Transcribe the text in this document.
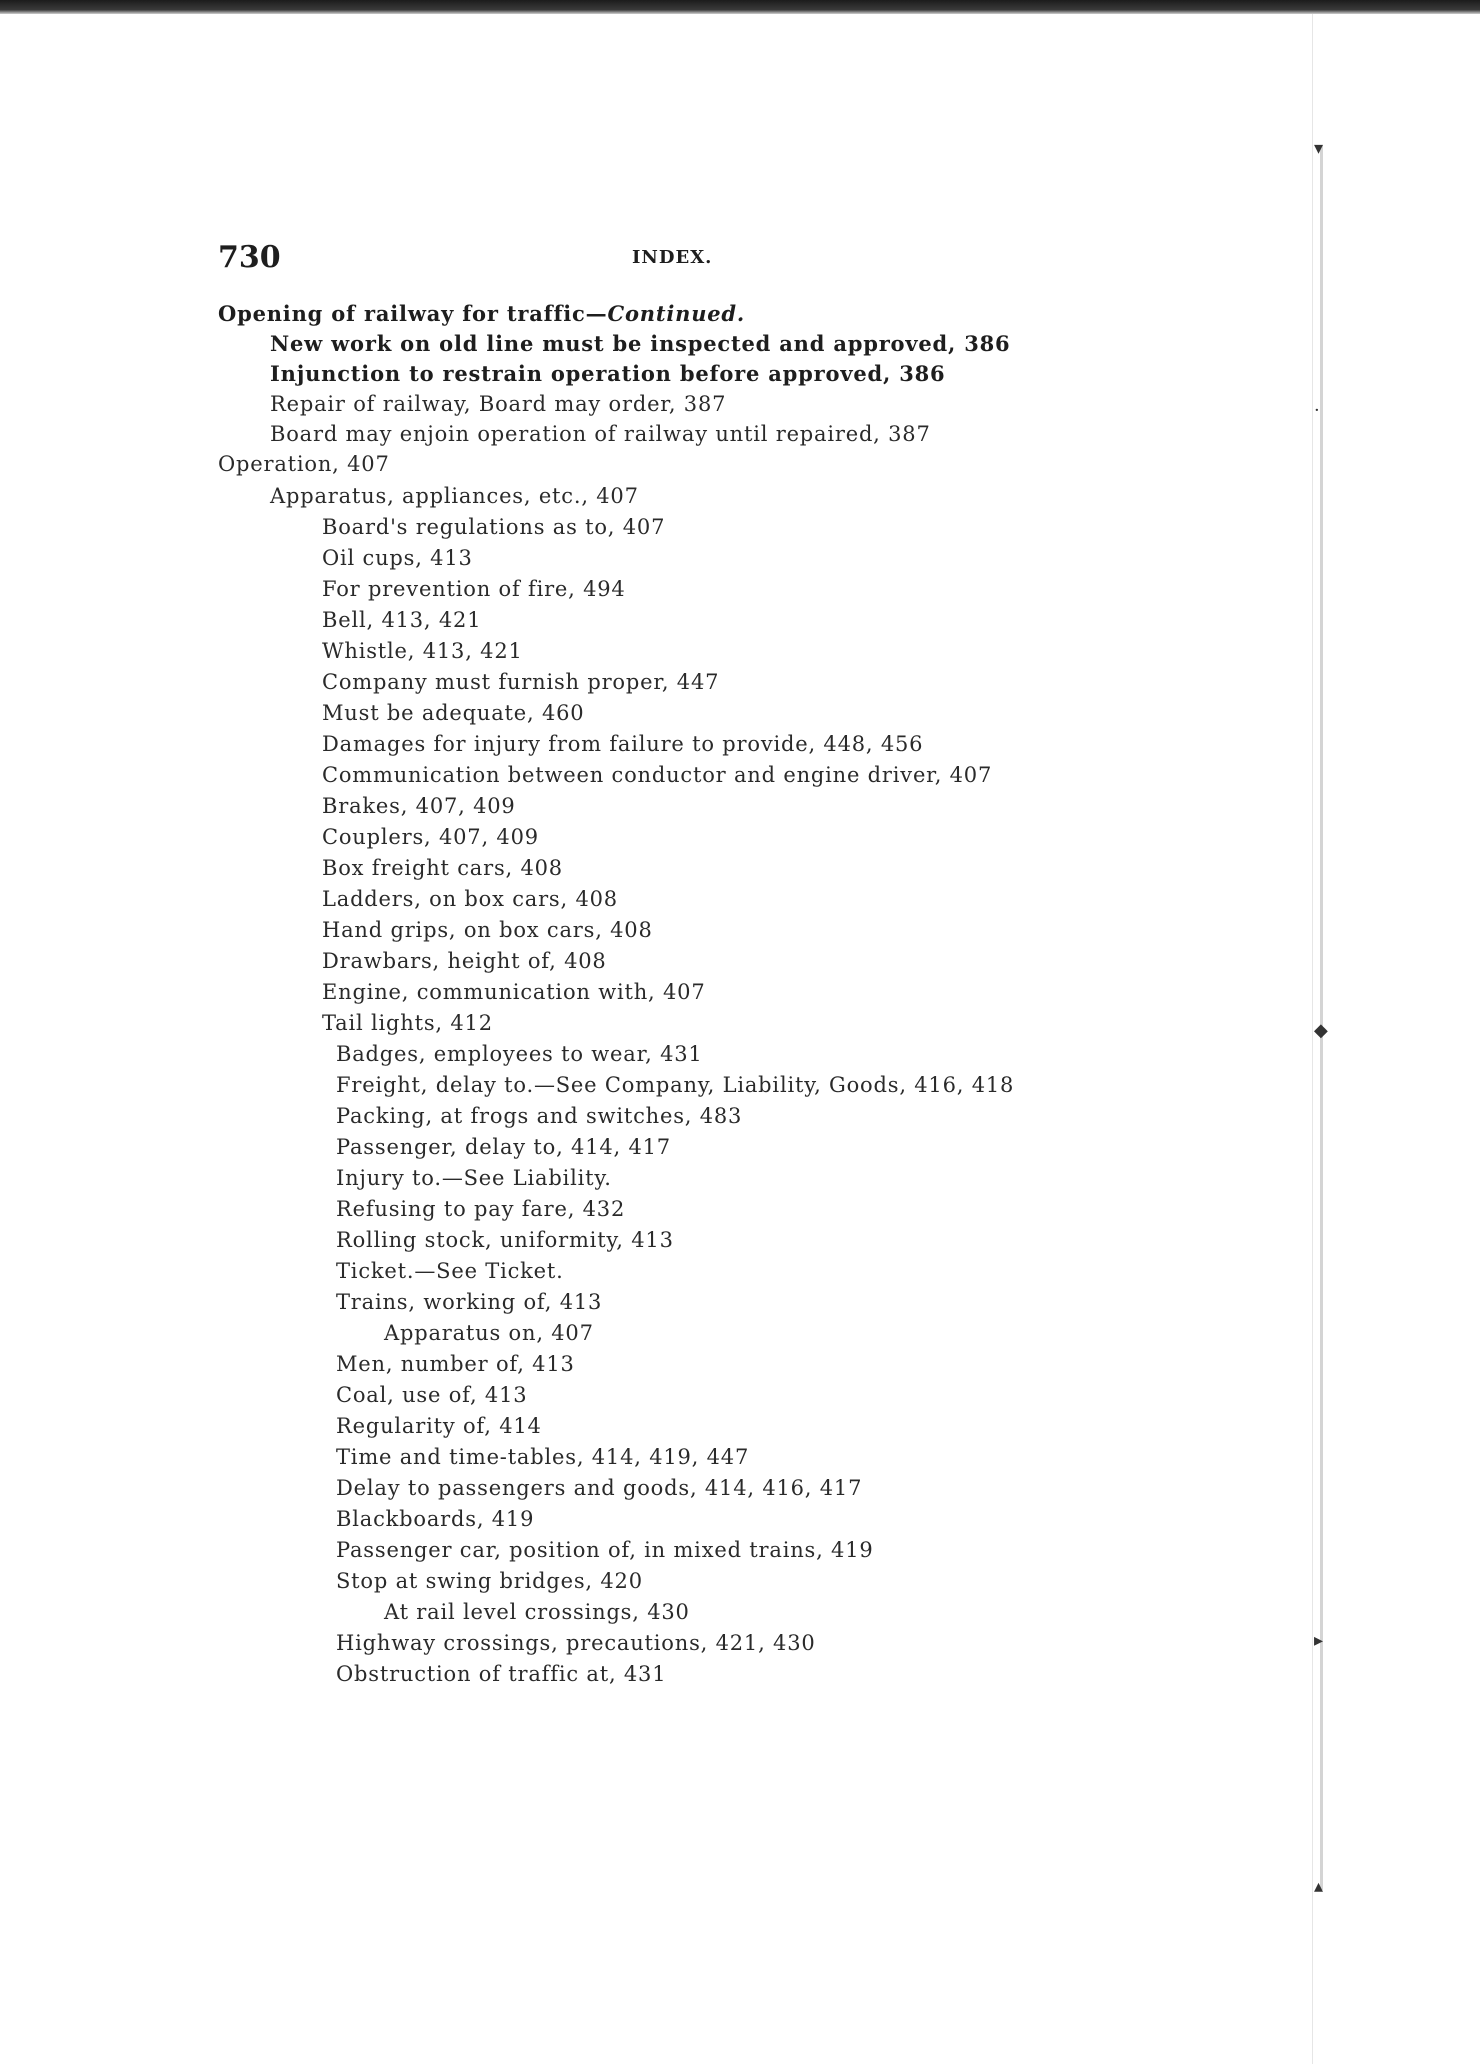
▾
·
◆
▸
▴
730	INDEX.
Opening of railway for traffic—Continued.
New work on old line must be inspected and approved, 386
Injunction to restrain operation before approved, 386
Repair of railway, Board may order, 387
Board may enjoin operation of railway until repaired, 387
Operation, 407
Apparatus, appliances, etc., 407
Board's regulations as to, 407
Oil cups, 413
For prevention of fire, 494
Bell, 413, 421
Whistle, 413, 421
Company must furnish proper, 447
Must be adequate, 460
Damages for injury from failure to provide, 448, 456
Communication between conductor and engine driver, 407
Brakes, 407, 409
Couplers, 407, 409
Box freight cars, 408
Ladders, on box cars, 408
Hand grips, on box cars, 408
Drawbars, height of, 408
Engine, communication with, 407
Tail lights, 412
Badges, employees to wear, 431
Freight, delay to.—See Company, Liability, Goods, 416, 418
Packing, at frogs and switches, 483
Passenger, delay to, 414, 417
Injury to.—See Liability.
Refusing to pay fare, 432
Rolling stock, uniformity, 413
Ticket.—See Ticket.
Trains, working of, 413
Apparatus on, 407
Men, number of, 413
Coal, use of, 413
Regularity of, 414
Time and time-tables, 414, 419, 447
Delay to passengers and goods, 414, 416, 417
Blackboards, 419
Passenger car, position of, in mixed trains, 419
Stop at swing bridges, 420
At rail level crossings, 430
Highway crossings, precautions, 421, 430
Obstruction of traffic at, 431
